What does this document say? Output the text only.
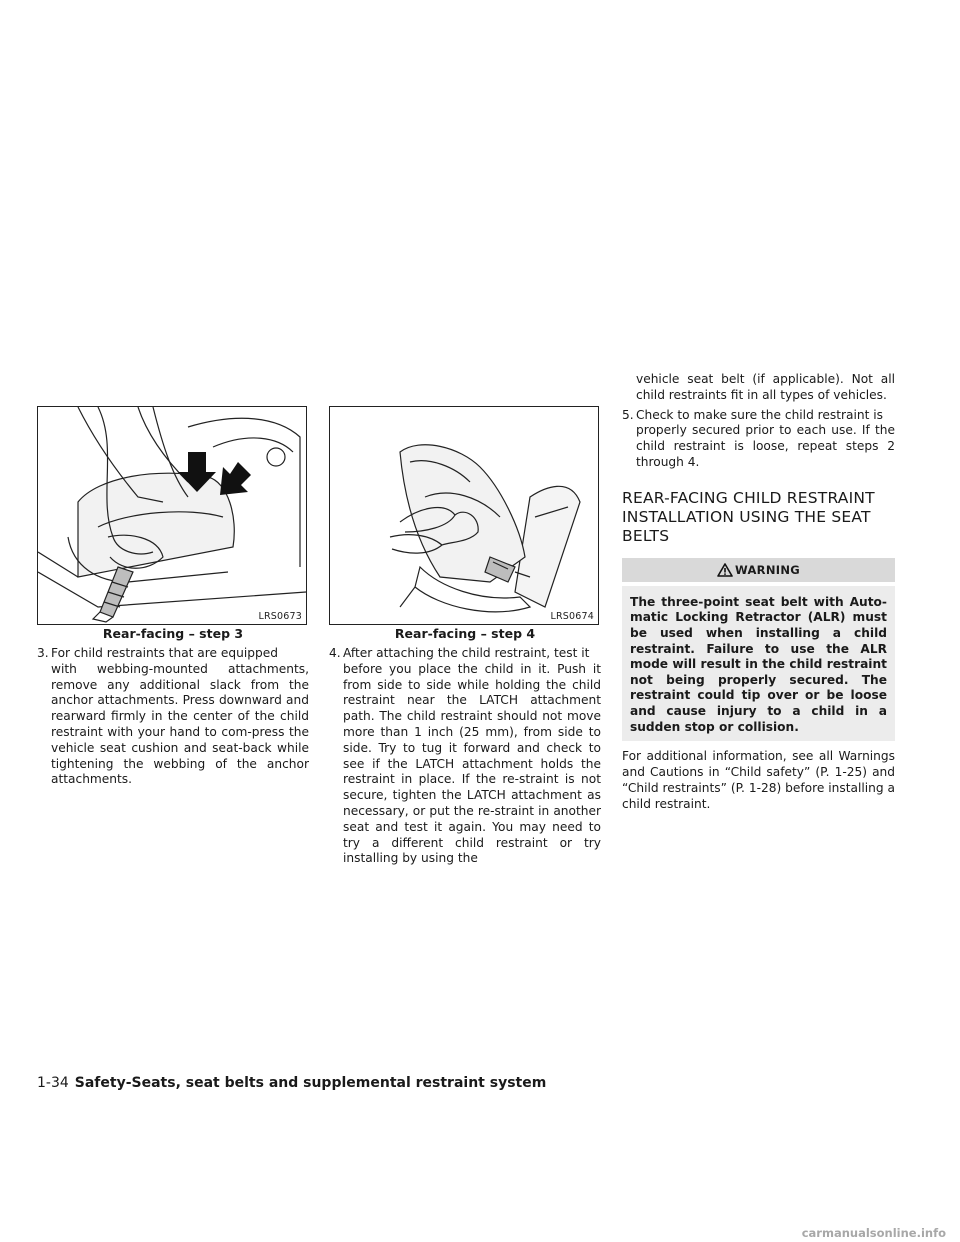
LRS0673
Rear-facing – step 3
3. For child restraints that are equipped

with webbing-mounted attachments, remove any additional slack from the anchor attachments. Press downward and rearward firmly in the center of the child restraint with your hand to com-press the vehicle seat cushion and seat-back while tightening the webbing of the anchor attachments.

LRS0674
Rear-facing – step 4
4. After attaching the child restraint, test it

before you place the child in it. Push it from side to side while holding the child restraint near the LATCH attachment path. The child restraint should not move more than 1 inch (25 mm), from side to side. Try to tug it forward and check to see if the LATCH attachment holds the restraint in place. If the re-straint is not secure, tighten the LATCH attachment as necessary, or put the re-straint in another seat and test it again. You may need to try a different child restraint or try installing by using the

vehicle seat belt (if applicable). Not all child restraints fit in all types of vehicles.

5. Check to make sure the child restraint is

properly secured prior to each use. If the child restraint is loose, repeat steps 2 through 4.

REAR-FACING CHILD RESTRAINT INSTALLATION USING THE SEAT BELTS
WARNING
The three-point seat belt with Auto-matic Locking Retractor (ALR) must be used when installing a child restraint. Failure to use the ALR mode will result in the child restraint not being properly secured. The restraint could tip over or be loose and cause injury to a child in a sudden stop or collision.

For additional information, see all Warnings and Cautions in “Child safety” (P. 1-25) and “Child restraints” (P. 1-28) before installing a child restraint.

1-34 Safety-Seats, seat belts and supplemental restraint system
carmanualsonline.info
